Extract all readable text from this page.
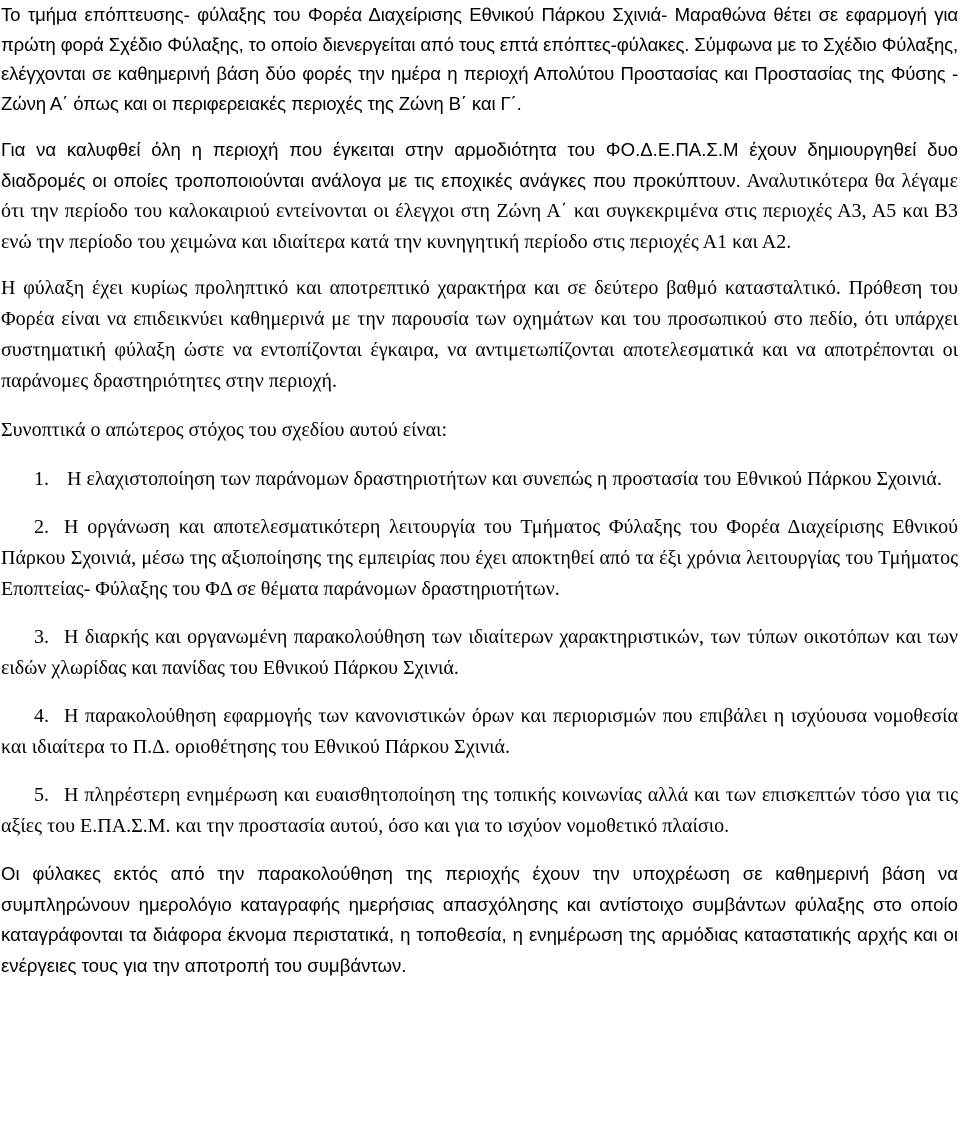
Το τμήμα επόπτευσης- φύλαξης του Φορέα Διαχείρισης Εθνικού Πάρκου Σχινιά- Μαραθώνα θέτει σε εφαρμογή για πρώτη φορά Σχέδιο Φύλαξης, το οποίο διενεργείται από τους επτά επόπτες-φύλακες. Σύμφωνα με το Σχέδιο Φύλαξης, ελέγχονται σε καθημερινή βάση δύο φορές την ημέρα η περιοχή Απολύτου Προστασίας και Προστασίας της Φύσης - Ζώνη Α΄ όπως και οι περιφερειακές περιοχές της Ζώνη Β΄ και Γ΄.

Για να καλυφθεί όλη η περιοχή που έγκειται στην αρμοδιότητα του ΦΟ.Δ.Ε.ΠΑ.Σ.Μ έχουν δημιουργηθεί δυο διαδρομές οι οποίες τροποποιούνται ανάλογα με τις εποχικές ανάγκες που προκύπτουν. Αναλυτικότερα θα λέγαμε ότι την περίοδο του καλοκαιριού εντείνονται οι έλεγχοι στη Ζώνη Α΄ και συγκεκριμένα στις περιοχές Α3, Α5 και Β3 ενώ την περίοδο του χειμώνα και ιδιαίτερα κατά την κυνηγητική περίοδο στις περιοχές Α1 και Α2.

Η φύλαξη έχει κυρίως προληπτικό και αποτρεπτικό χαρακτήρα και σε δεύτερο βαθμό κατασταλτικό. Πρόθεση του Φορέα είναι να επιδεικνύει καθημερινά με την παρουσία των οχημάτων και του προσωπικού στο πεδίο, ότι υπάρχει συστηματική φύλαξη ώστε να εντοπίζονται έγκαιρα, να αντιμετωπίζονται αποτελεσματικά και να αποτρέπονται οι παράνομες δραστηριότητες στην περιοχή.

Συνοπτικά ο απώτερος στόχος του σχεδίου αυτού είναι:

1. Η ελαχιστοποίηση των παράνομων δραστηριοτήτων και συνεπώς η προστασία του Εθνικού Πάρκου Σχοινιά.

2. Η οργάνωση και αποτελεσματικότερη λειτουργία του Τμήματος Φύλαξης του Φορέα Διαχείρισης Εθνικού Πάρκου Σχοινιά, μέσω της αξιοποίησης της εμπειρίας που έχει αποκτηθεί από τα έξι χρόνια λειτουργίας του Τμήματος Εποπτείας- Φύλαξης του ΦΔ σε θέματα παράνομων δραστηριοτήτων.

3. Η διαρκής και οργανωμένη παρακολούθηση των ιδιαίτερων χαρακτηριστικών, των τύπων οικοτόπων και των ειδών χλωρίδας και πανίδας του Εθνικού Πάρκου Σχινιά.

4. Η παρακολούθηση εφαρμογής των κανονιστικών όρων και περιορισμών που επιβάλει η ισχύουσα νομοθεσία και ιδιαίτερα το Π.Δ. οριοθέτησης του Εθνικού Πάρκου Σχινιά.

5. Η πληρέστερη ενημέρωση και ευαισθητοποίηση της τοπικής κοινωνίας αλλά και των επισκεπτών τόσο για τις αξίες του Ε.ΠΑ.Σ.Μ. και την προστασία αυτού, όσο και για το ισχύον νομοθετικό πλαίσιο.

Οι φύλακες εκτός από την παρακολούθηση της περιοχής έχουν την υποχρέωση σε καθημερινή βάση να συμπληρώνουν ημερολόγιο καταγραφής ημερήσιας απασχόλησης και αντίστοιχο συμβάντων φύλαξης στο οποίο καταγράφονται τα διάφορα έκνομα περιστατικά, η τοποθεσία, η ενημέρωση της αρμόδιας καταστατικής αρχής και οι ενέργειες τους για την αποτροπή του συμβάντων.
